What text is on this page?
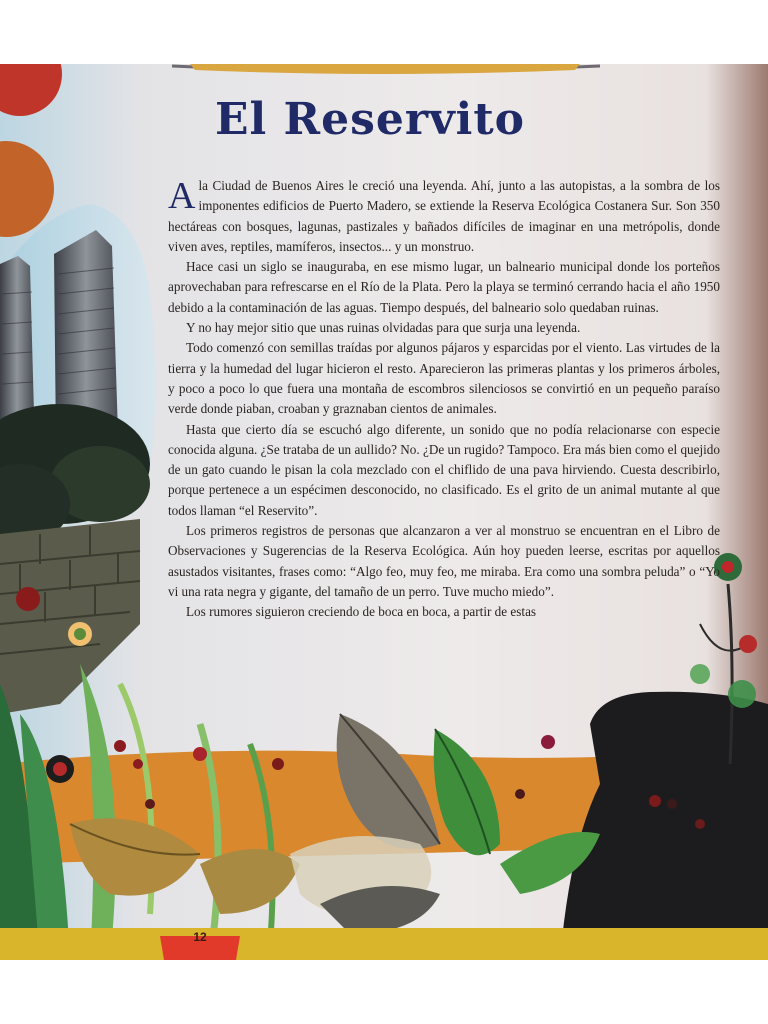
El Reservito

Ala Ciudad de Buenos Aires le creció una leyenda. Ahí, junto a las autopistas, a la sombra de los imponentes edificios de Puerto Madero, se extiende la Reserva Ecológica Costanera Sur. Son 350 hectáreas con bosques, lagunas, pastizales y bañados difíciles de imaginar en una metrópolis, donde viven aves, reptiles, mamíferos, insectos... y un monstruo.

Hace casi un siglo se inauguraba, en ese mismo lugar, un balneario municipal donde los porteños aprovechaban para refrescarse en el Río de la Plata. Pero la playa se terminó cerrando hacia el año 1950 debido a la contaminación de las aguas. Tiempo después, del balneario solo quedaban ruinas.

Y no hay mejor sitio que unas ruinas olvidadas para que surja una leyenda.

Todo comenzó con semillas traídas por algunos pájaros y esparcidas por el viento. Las virtudes de la tierra y la humedad del lugar hicieron el resto. Aparecieron las primeras plantas y los primeros árboles, y poco a poco lo que fuera una montaña de escombros silenciosos se convirtió en un pequeño paraíso verde donde piaban, croaban y graznaban cientos de animales.

Hasta que cierto día se escuchó algo diferente, un sonido que no podía relacionarse con especie conocida alguna. ¿Se trataba de un aullido? No. ¿De un rugido? Tampoco. Era más bien como el quejido de un gato cuando le pisan la cola mezclado con el chiflido de una pava hirviendo. Cuesta describirlo, porque pertenece a un espécimen desconocido, no clasificado. Es el grito de un animal mutante al que todos llaman “el Reservito”.

Los primeros registros de personas que alcanzaron a ver al monstruo se encuentran en el Libro de Observaciones y Sugerencias de la Reserva Ecológica. Aún hoy pueden leerse, escritas por aquellos asustados visitantes, frases como: “Algo feo, muy feo, me miraba. Era como una sombra peluda” o “Yo vi una rata negra y gigante, del tamaño de un perro. Tuve mucho miedo”.

Los rumores siguieron creciendo de boca en boca, a partir de estas

12
